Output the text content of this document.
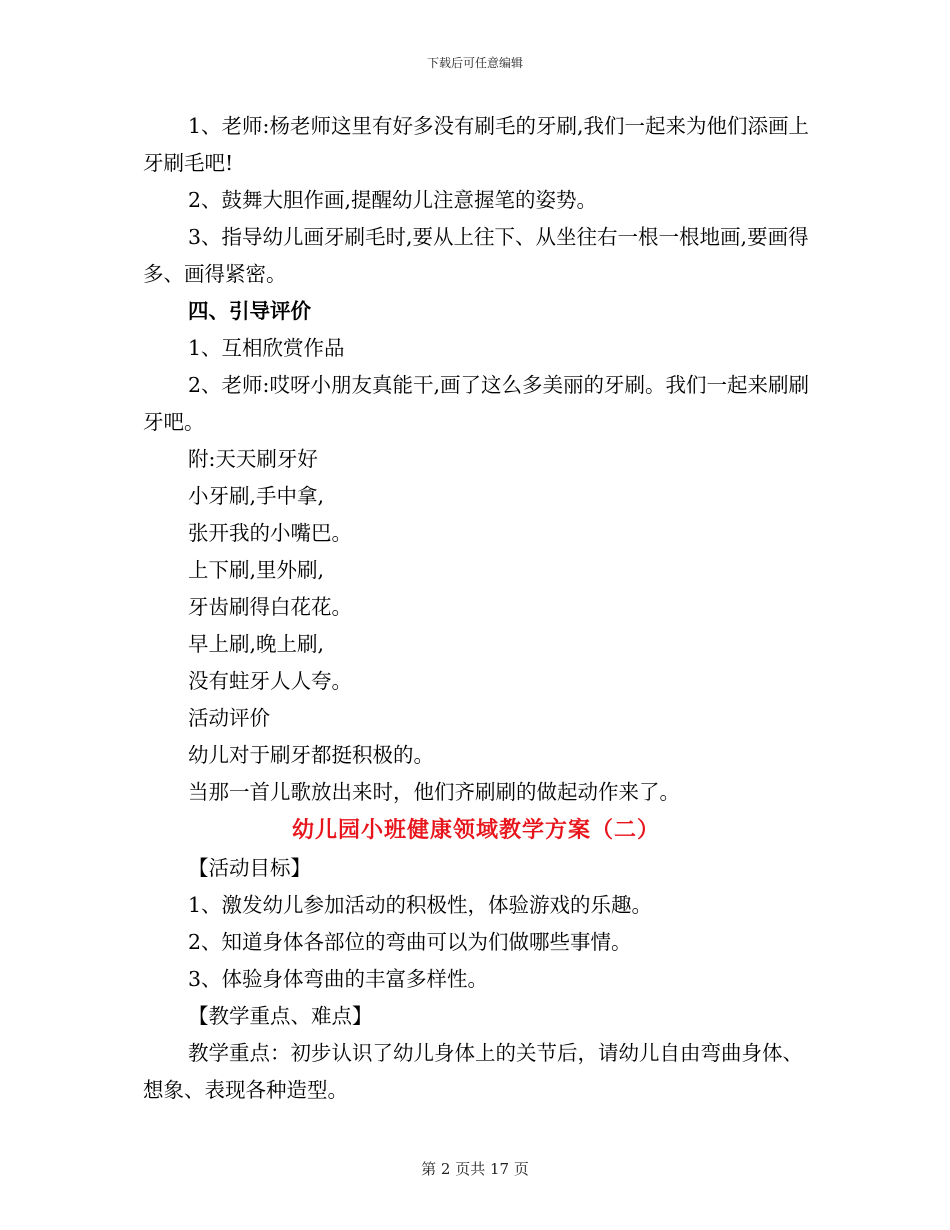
下载后可任意编辑

1、老师:杨老师这里有好多没有刷毛的牙刷,我们一起来为他们添画上牙刷毛吧!

2、鼓舞大胆作画,提醒幼儿注意握笔的姿势。

3、指导幼儿画牙刷毛时,要从上往下、从坐往右一根一根地画,要画得多、画得紧密。

四、引导评价

1、互相欣赏作品

2、老师:哎呀小朋友真能干,画了这么多美丽的牙刷。我们一起来刷刷牙吧。

附:天天刷牙好

小牙刷,手中拿,

张开我的小嘴巴。

上下刷,里外刷,

牙齿刷得白花花。

早上刷,晚上刷,

没有蛀牙人人夸。

活动评价

幼儿对于刷牙都挺积极的。

当那一首儿歌放出来时，他们齐刷刷的做起动作来了。

幼儿园小班健康领域教学方案（二）

【活动目标】

1、激发幼儿参加活动的积极性，体验游戏的乐趣。

2、知道身体各部位的弯曲可以为们做哪些事情。

3、体验身体弯曲的丰富多样性。

【教学重点、难点】

教学重点：初步认识了幼儿身体上的关节后，请幼儿自由弯曲身体、想象、表现各种造型。

第 2 页共 17 页
